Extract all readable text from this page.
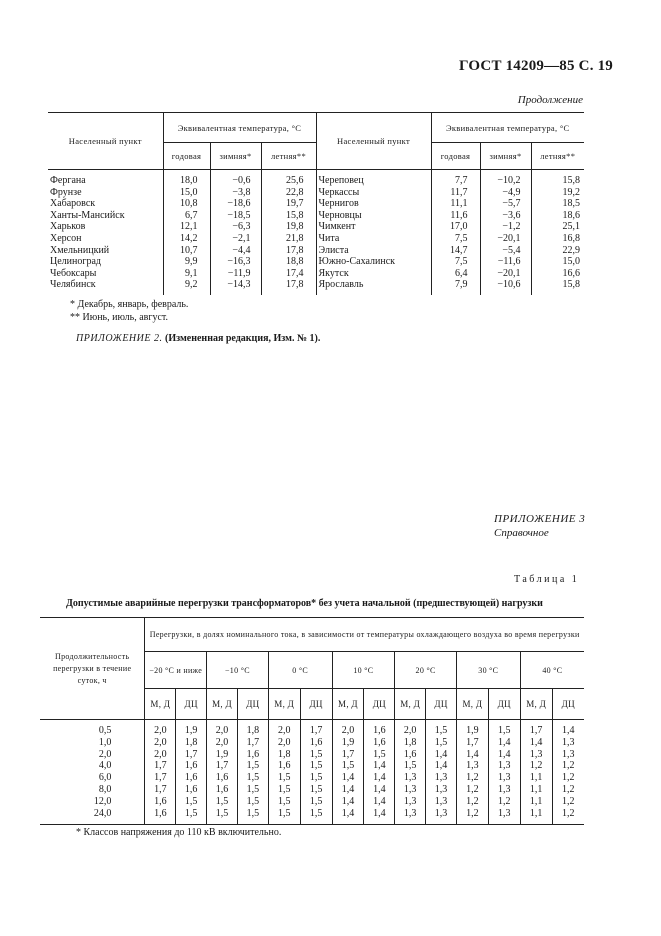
ГОСТ 14209—85 С. 19
Продолжение
Населенный пункт	Эквивалентная температура, °С			Населенный пункт	Эквивалентная температура, °С		
	годовая	зимняя*	летняя**		годовая	зимняя*	летняя**
Фергана	18,0	−0,6	25,6	Череповец	7,7	−10,2	15,8
Фрунзе	15,0	−3,8	22,8	Черкассы	11,7	−4,9	19,2
Хабаровск	10,8	−18,6	19,7	Чернигов	11,1	−5,7	18,5
Ханты-Мансийск	6,7	−18,5	15,8	Черновцы	11,6	−3,6	18,6
Харьков	12,1	−6,3	19,8	Чимкент	17,0	−1,2	25,1
Херсон	14,2	−2,1	21,8	Чита	7,5	−20,1	16,8
Хмельницкий	10,7	−4,4	17,8	Элиста	14,7	−5,4	22,9
Целиноград	9,9	−16,3	18,8	Южно-Сахалинск	7,5	−11,6	15,0
Чебоксары	9,1	−11,9	17,4	Якутск	6,4	−20,1	16,6
Челябинск	9,2	−14,3	17,8	Ярославль	7,9	−10,6	15,8
* Декабрь, январь, февраль.
** Июнь, июль, август.
ПРИЛОЖЕНИЕ 2. (Измененная редакция, Изм. № 1).
ПРИЛОЖЕНИЕ 3
Справочное
Таблица 1
Допустимые аварийные перегрузки трансформаторов* без учета начальной (предшествующей) нагрузки
Продолжительность перегрузки в течение суток, ч	Перегрузки, в долях номинального тока, в зависимости от температуры охлаждающего воздуха во время перегрузки													
	−20 °С и ниже		−10 °С		0 °С		10 °С		20 °С		30 °С		40 °С	
	М, Д	ДЦ	М, Д	ДЦ	М, Д	ДЦ	М, Д	ДЦ	М, Д	ДЦ	М, Д	ДЦ	М, Д	ДЦ
0,5	2,0	1,9	2,0	1,8	2,0	1,7	2,0	1,6	2,0	1,5	1,9	1,5	1,7	1,4
1,0	2,0	1,8	2,0	1,7	2,0	1,6	1,9	1,6	1,8	1,5	1,7	1,4	1,4	1,3
2,0	2,0	1,7	1,9	1,6	1,8	1,5	1,7	1,5	1,6	1,4	1,4	1,4	1,3	1,3
4,0	1,7	1,6	1,7	1,5	1,6	1,5	1,5	1,4	1,5	1,4	1,3	1,3	1,2	1,2
6,0	1,7	1,6	1,6	1,5	1,5	1,5	1,4	1,4	1,3	1,3	1,2	1,3	1,1	1,2
8,0	1,7	1,6	1,6	1,5	1,5	1,5	1,4	1,4	1,3	1,3	1,2	1,3	1,1	1,2
12,0	1,6	1,5	1,5	1,5	1,5	1,5	1,4	1,4	1,3	1,3	1,2	1,2	1,1	1,2
24,0	1,6	1,5	1,5	1,5	1,5	1,5	1,4	1,4	1,3	1,3	1,2	1,3	1,1	1,2
* Классов напряжения до 110 кВ включительно.
